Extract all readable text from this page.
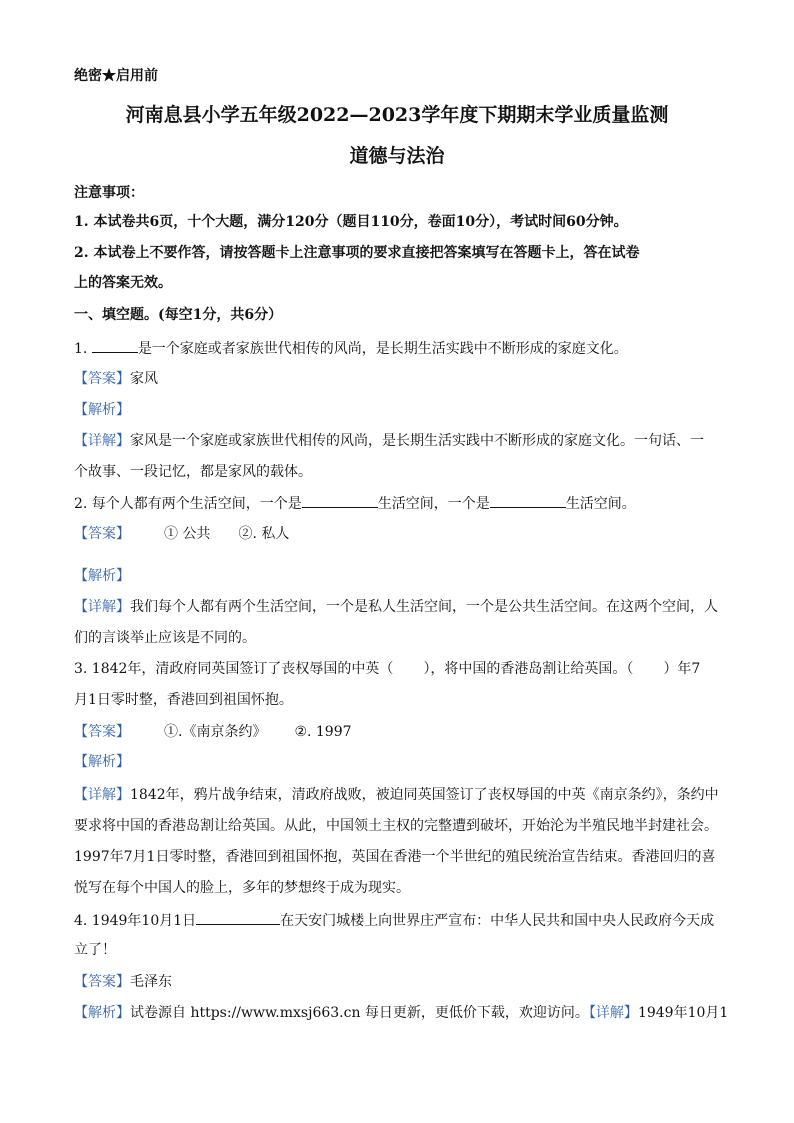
绝密★启用前
河南息县小学五年级2022—2023学年度下期期末学业质量监测
道德与法治
注意事项：
1. 本试卷共6页，十个大题，满分120分（题目110分，卷面10分），考试时间60分钟。
2. 本试卷上不要作答，请按答题卡上注意事项的要求直接把答案填写在答题卡上，答在试卷
上的答案无效。
一、填空题。(每空1分，共6分）
1.	是一个家庭或者家族世代相传的风尚，是长期生活实践中不断形成的家庭文化。
【答案】家风
【解析】
【详解】家风是一个家庭或家族世代相传的风尚，是长期生活实践中不断形成的家庭文化。一句话、一
个故事、一段记忆，都是家风的载体。
2. 每个人都有两个生活空间，一个是	生活空间，一个是	生活空间。
【答案】 ① 公共 ②. 私人
【解析】
【详解】我们每个人都有两个生活空间，一个是私人生活空间，一个是公共生活空间。在这两个空间，人
们的言谈举止应该是不同的。
3. 1842年，清政府同英国签订了丧权辱国的中英（ ），将中国的香港岛割让给英国。（ ）年7
月1日零时整，香港回到祖国怀抱。
【答案】 ①.《南京条约》 ②. 1997
【解析】
【详解】1842年，鸦片战争结束，清政府战败，被迫同英国签订了丧权辱国的中英《南京条约》，条约中
要求将中国的香港岛割让给英国。从此，中国领土主权的完整遭到破坏，开始沦为半殖民地半封建社会。
1997年7月1日零时整，香港回到祖国怀抱，英国在香港一个半世纪的殖民统治宣告结束。香港回归的喜
悦写在每个中国人的脸上，多年的梦想终于成为现实。
4. 1949年10月1日	在天安门城楼上向世界庄严宣布：中华人民共和国中央人民政府今天成
立了！
【答案】毛泽东
【解析】试卷源自 https://www.mxsj663.cn 每日更新，更低价下载，欢迎访问。【详解】1949年10月1
